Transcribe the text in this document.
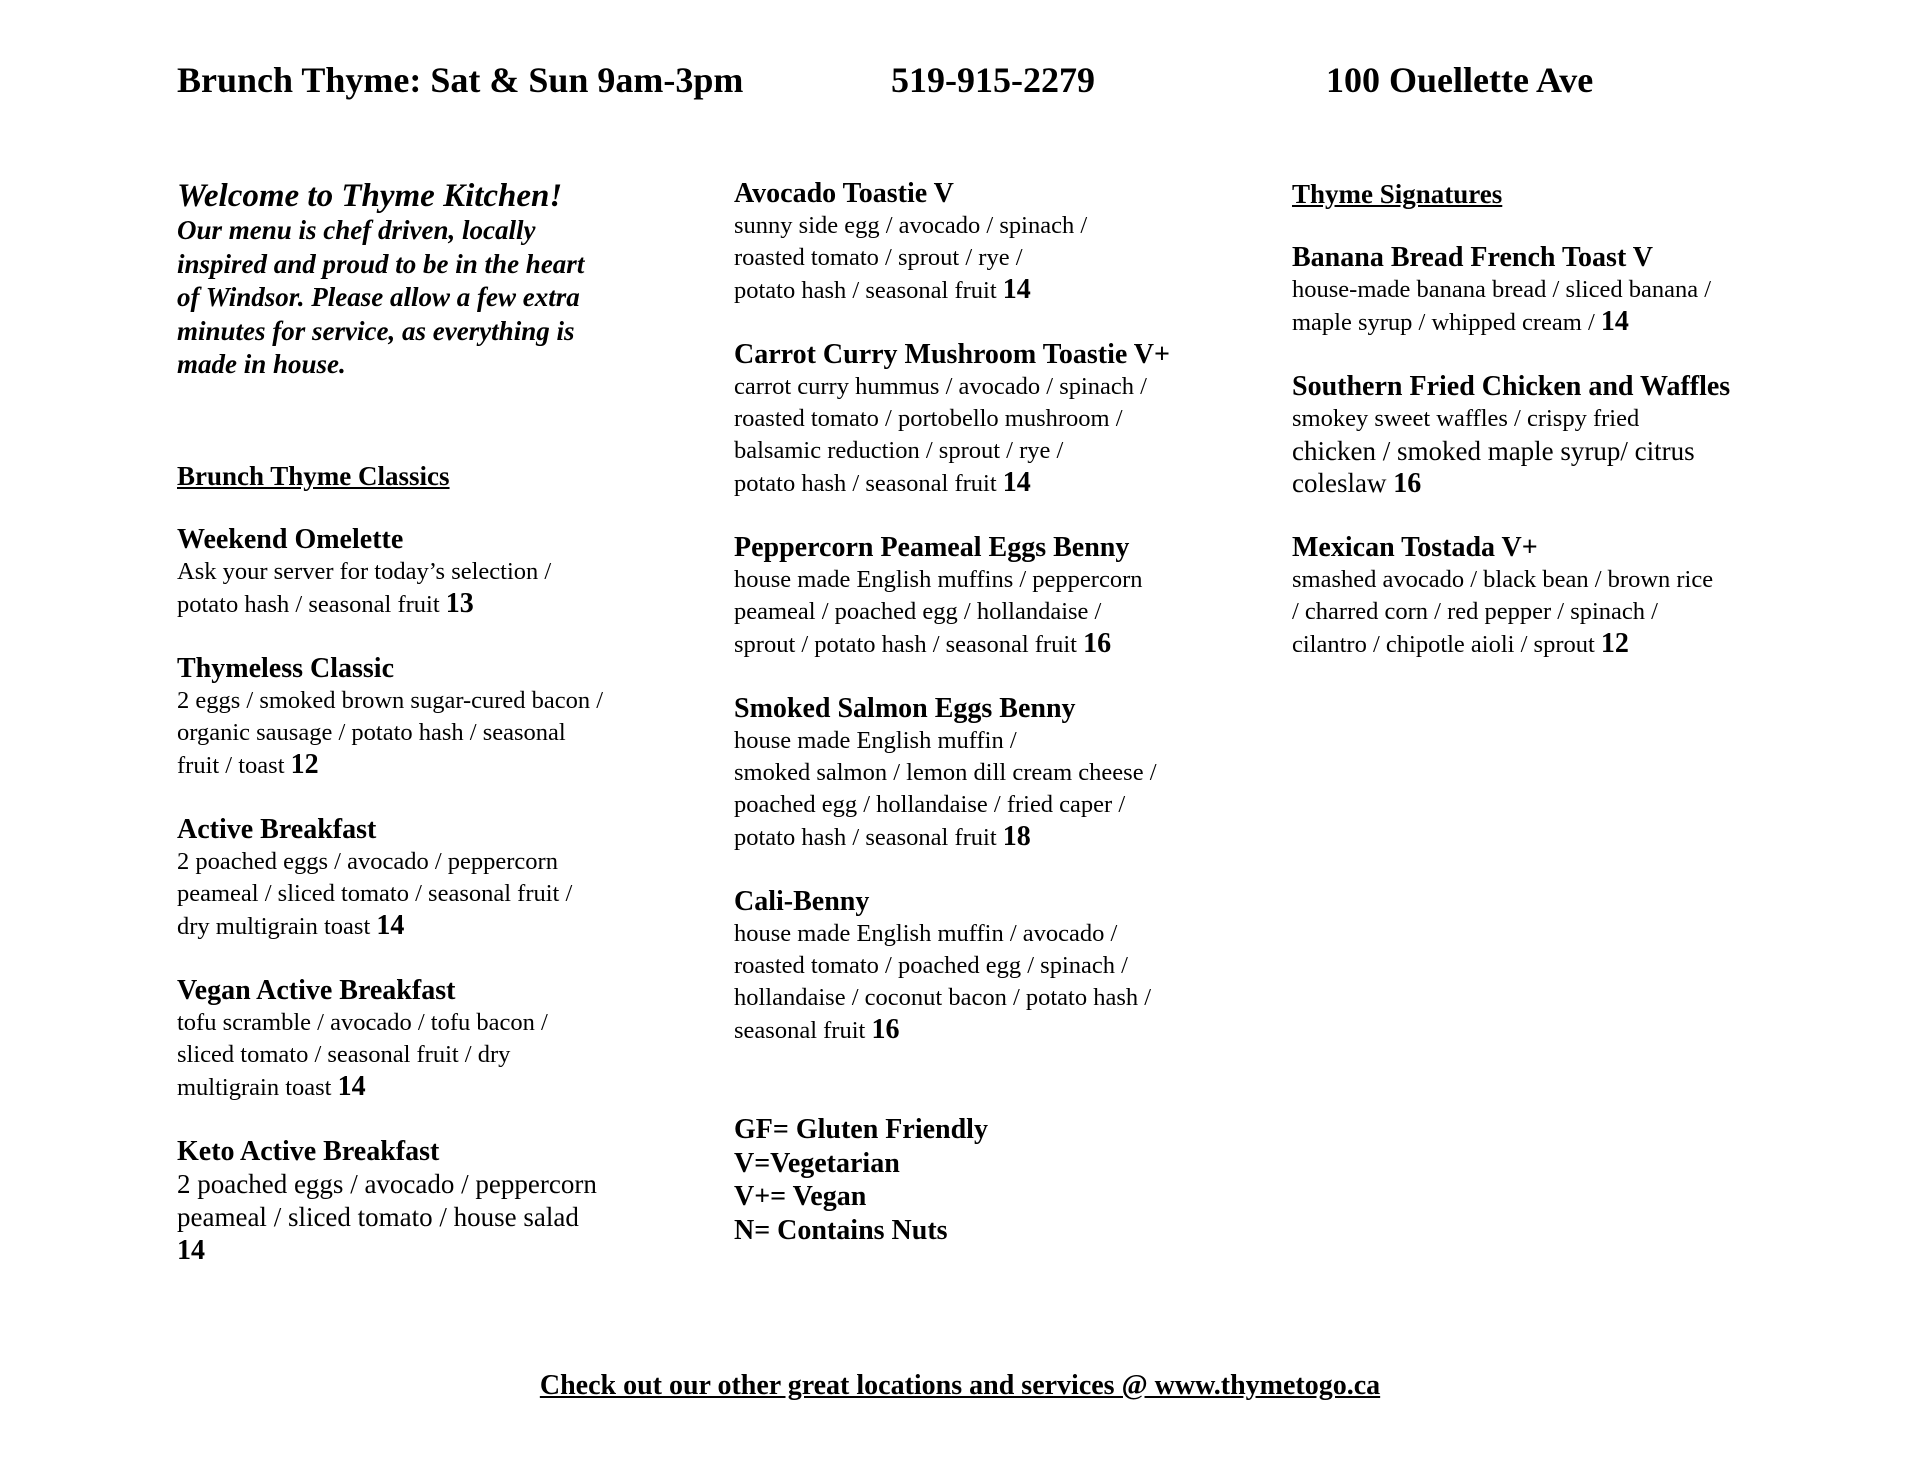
Brunch Thyme: Sat & Sun 9am-3pm	519-915-2279	100 Ouellette Ave

Welcome to Thyme Kitchen!

Our menu is chef driven, locally
inspired and proud to be in the heart
of Windsor. Please allow a few extra
minutes for service, as everything is
made in house.

Brunch Thyme Classics

Weekend Omelette
Ask your server for today’s selection /
potato hash / seasonal fruit 13
Thymeless Classic
2 eggs / smoked brown sugar-cured bacon /
organic sausage / potato hash / seasonal
fruit / toast 12
Active Breakfast
2 poached eggs / avocado / peppercorn
peameal / sliced tomato / seasonal fruit /
dry multigrain toast 14
Vegan Active Breakfast
tofu scramble / avocado / tofu bacon /
sliced tomato / seasonal fruit / dry
multigrain toast 14
Keto Active Breakfast
2 poached eggs / avocado / peppercorn
peameal / sliced tomato / house salad
14
Avocado Toastie V
sunny side egg / avocado / spinach /
roasted tomato / sprout / rye /
potato hash / seasonal fruit 14
Carrot Curry Mushroom Toastie V+
carrot curry hummus / avocado / spinach /
roasted tomato / portobello mushroom /
balsamic reduction / sprout / rye /
potato hash / seasonal fruit 14
Peppercorn Peameal Eggs Benny
house made English muffins / peppercorn
peameal / poached egg / hollandaise /
sprout / potato hash / seasonal fruit 16
Smoked Salmon Eggs Benny
house made English muffin /
smoked salmon / lemon dill cream cheese /
poached egg / hollandaise / fried caper /
potato hash / seasonal fruit 18
Cali-Benny
house made English muffin / avocado /
roasted tomato / poached egg / spinach /
hollandaise / coconut bacon / potato hash /
seasonal fruit 16
GF= Gluten Friendly
V=Vegetarian
V+= Vegan
N= Contains Nuts

Thyme Signatures

Banana Bread French Toast V
house-made banana bread / sliced banana /
maple syrup / whipped cream / 14
Southern Fried Chicken and Waffles
smokey sweet waffles / crispy fried
chicken / smoked maple syrup/ citrus
coleslaw 16
Mexican Tostada V+
smashed avocado / black bean / brown rice
/ charred corn / red pepper / spinach /
cilantro / chipotle aioli / sprout 12
Check out our other great locations and services @ www.thymetogo.ca
